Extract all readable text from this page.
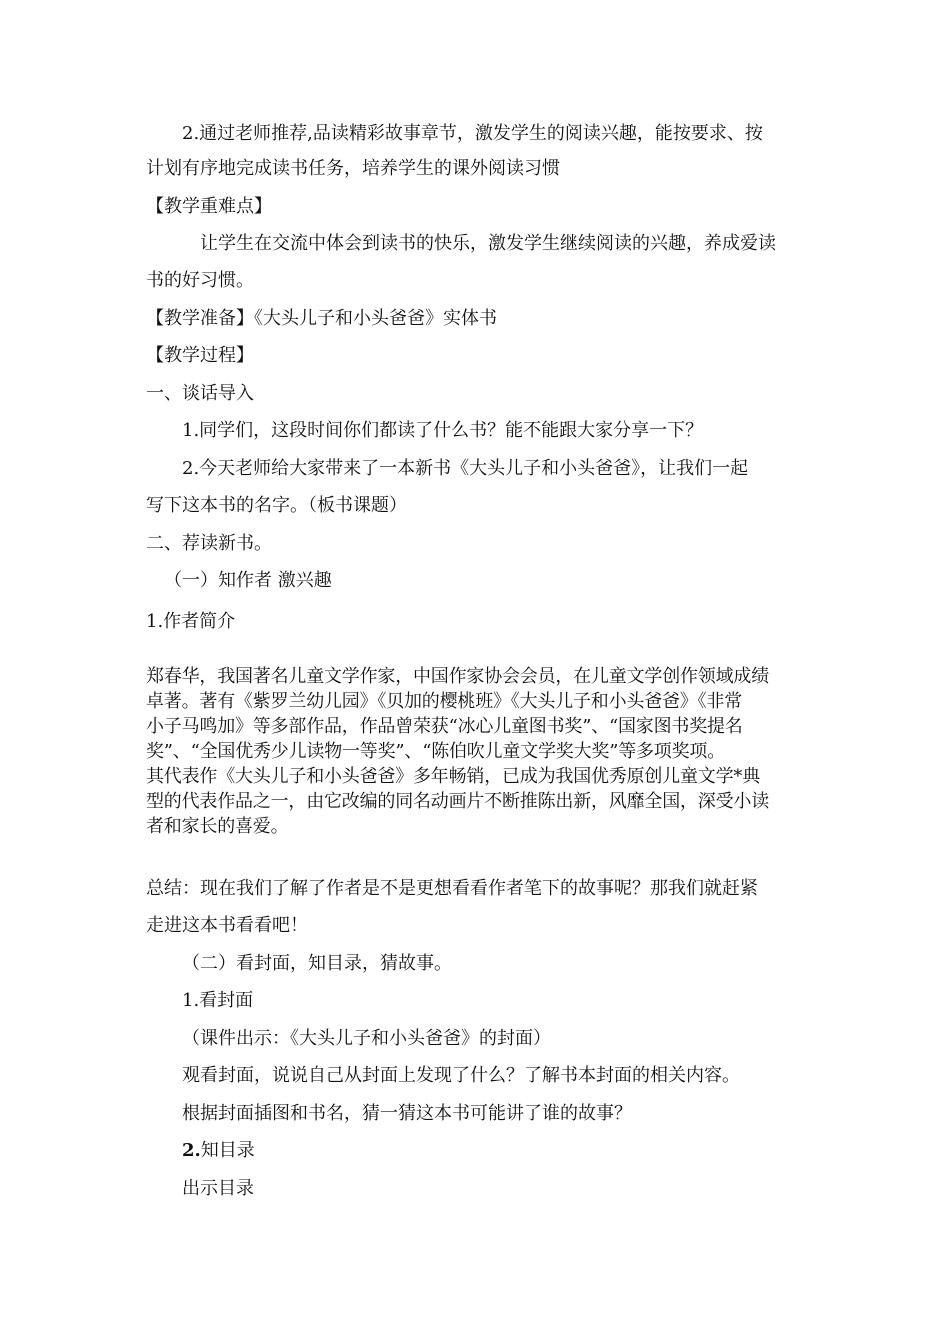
2.通过老师推荐,品读精彩故事章节，激发学生的阅读兴趣，能按要求、按
计划有序地完成读书任务，培养学生的课外阅读习惯
【教学重难点】
让学生在交流中体会到读书的快乐，激发学生继续阅读的兴趣，养成爱读
书的好习惯。
【教学准备】《大头儿子和小头爸爸》实体书
【教学过程】
一、谈话导入
1.同学们，这段时间你们都读了什么书？能不能跟大家分享一下？
2.今天老师给大家带来了一本新书《大头儿子和小头爸爸》，让我们一起
写下这本书的名字。（板书课题）
二、荐读新书。
（一）知作者 激兴趣
1.作者简介
郑春华，我国著名儿童文学作家，中国作家协会会员，在儿童文学创作领域成绩
卓著。著有《紫罗兰幼儿园》《贝加的樱桃班》《大头儿子和小头爸爸》《非常
小子马鸣加》等多部作品，作品曾荣获“冰心儿童图书奖”、“国家图书奖提名
奖”、“全国优秀少儿读物一等奖”、“陈伯吹儿童文学奖大奖”等多项奖项。
其代表作《大头儿子和小头爸爸》多年畅销，已成为我国优秀原创儿童文学*典
型的代表作品之一，由它改编的同名动画片不断推陈出新，风靡全国，深受小读
者和家长的喜爱。
总结：现在我们了解了作者是不是更想看看作者笔下的故事呢？那我们就赶紧
走进这本书看看吧！
（二）看封面，知目录，猜故事。
1.看封面
（课件出示：《大头儿子和小头爸爸》的封面）
观看封面，说说自己从封面上发现了什么？了解书本封面的相关内容。
根据封面插图和书名，猜一猜这本书可能讲了谁的故事？
2.知目录
出示目录
